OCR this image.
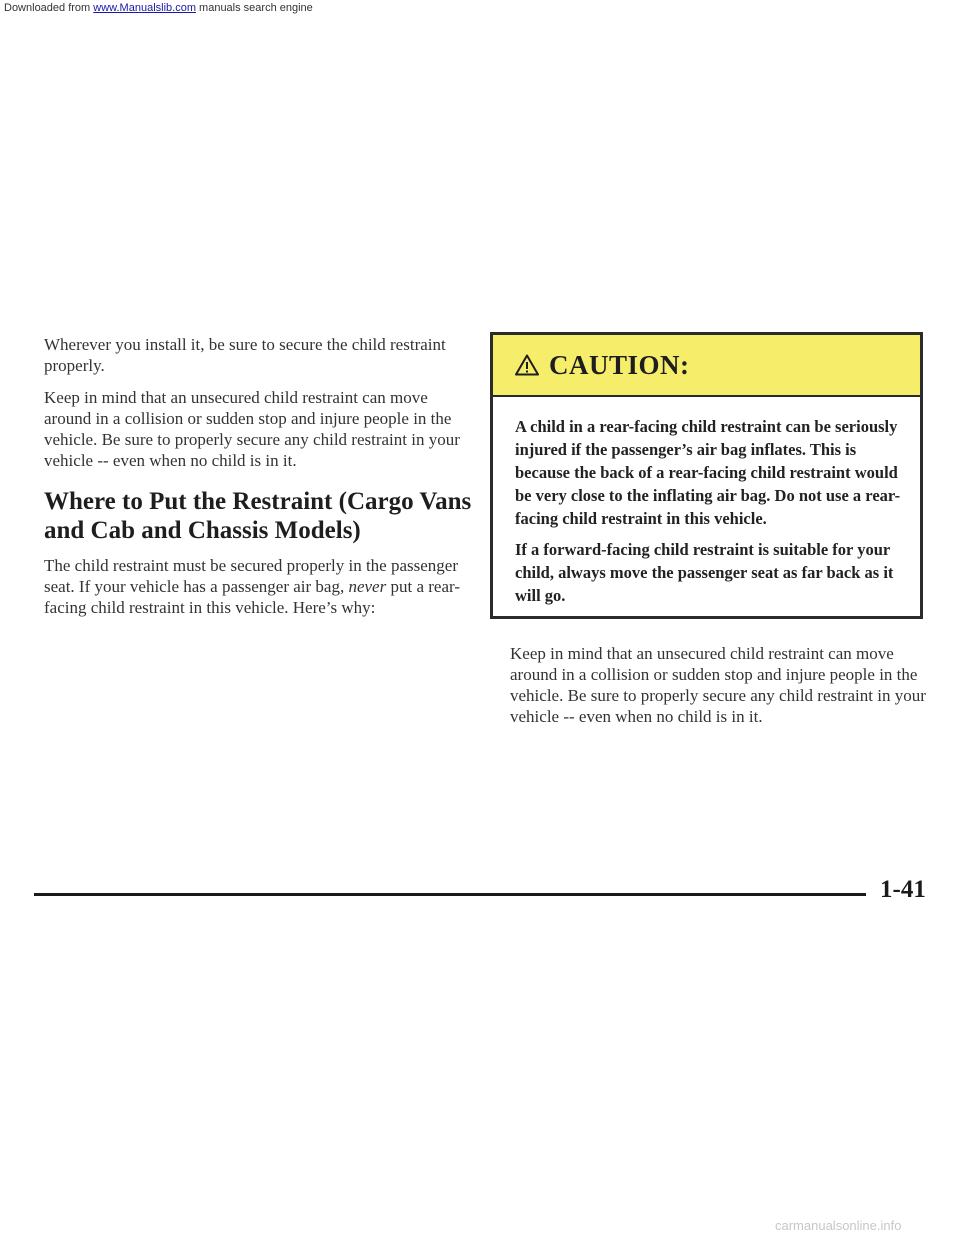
Downloaded from www.Manualslib.com manuals search engine

Wherever you install it, be sure to secure the child restraint properly.

Keep in mind that an unsecured child restraint can move around in a collision or sudden stop and injure people in the vehicle. Be sure to properly secure any child restraint in your vehicle -- even when no child is in it.

Where to Put the Restraint (Cargo Vans and Cab and Chassis Models)

The child restraint must be secured properly in the passenger seat. If your vehicle has a passenger air bag, never put a rear-facing child restraint in this vehicle. Here’s why:

CAUTION:

A child in a rear-facing child restraint can be seriously injured if the passenger’s air bag inflates. This is because the back of a rear-facing child restraint would be very close to the inflating air bag. Do not use a rear-facing child restraint in this vehicle.

If a forward-facing child restraint is suitable for your child, always move the passenger seat as far back as it will go.

Keep in mind that an unsecured child restraint can move around in a collision or sudden stop and injure people in the vehicle. Be sure to properly secure any child restraint in your vehicle -- even when no child is in it.

1-41
carmanualsonline.info
